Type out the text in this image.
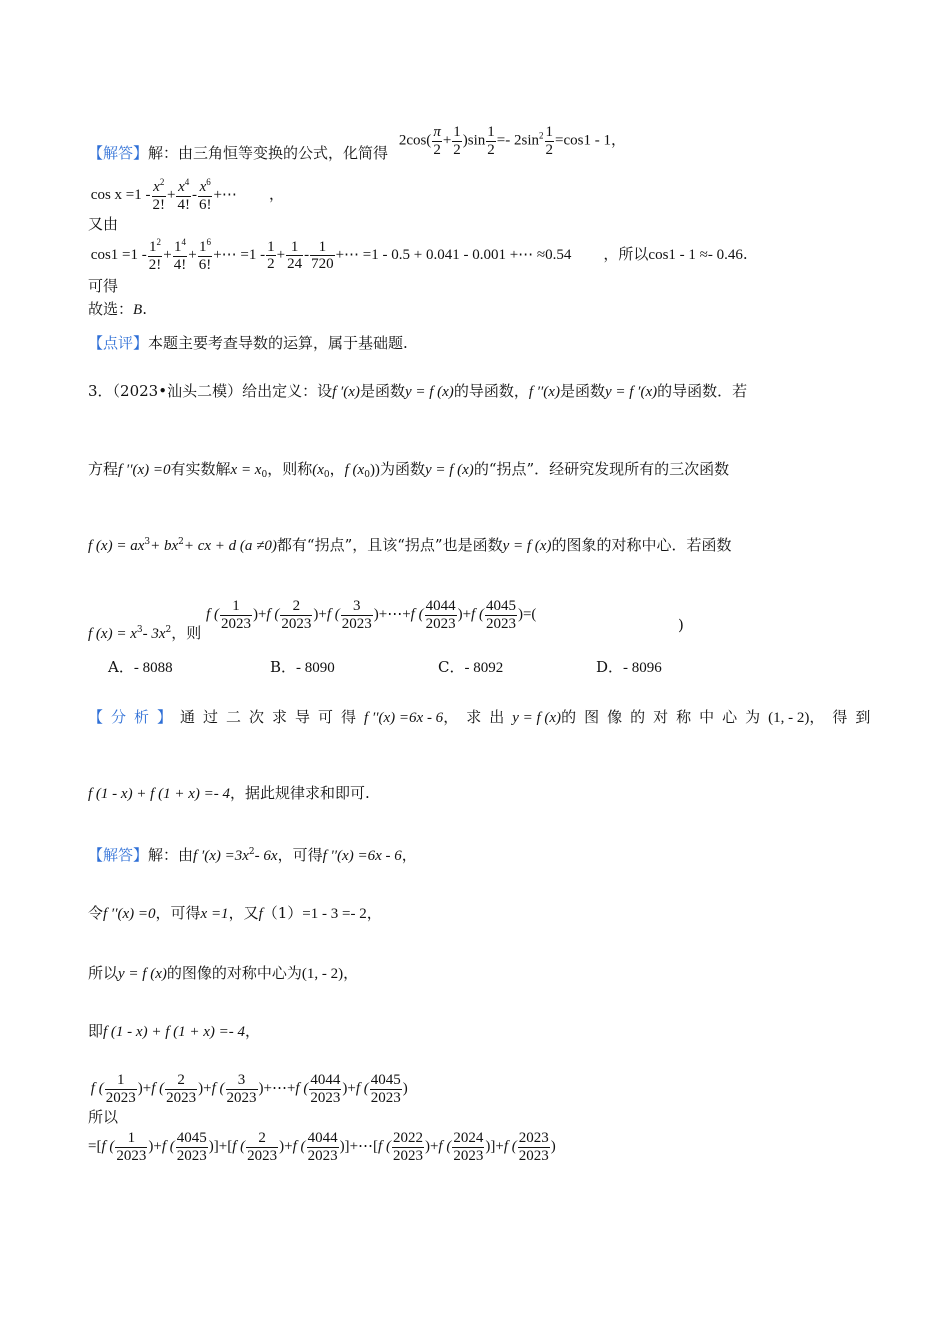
【解答】解：由三角恒等变换的公式，化简得 $2\cos( \frac{\pi}{2} + \frac{1}{2} )\sin \frac{1}{2} =- 2\sin^2 \frac{1}{2} =\cos 1 - 1$，
又由 $\cos x =1 - \frac{x^2}{2!} + \frac{x^4}{4!} - \frac{x^6}{6!}$ +⋯ ，
可得 $\cos 1 =1 - \frac{1^2}{2!} + \frac{1^4}{4!} + \frac{1^6}{6!}$ +⋯ $=1 - \frac{1}{2} + \frac{1}{24} - \frac{1}{720}$ +⋯ =1 - 0.5 + 0.041 - 0.001 +⋯ ≈0.54 ，所以cos1 - 1 ≈- 0.46.
故选：B.
【点评】本题主要考查导数的运算，属于基础题.
3．（2023•汕头二模）给出定义：设f ′(x)是函数y = f (x)的导函数，f ′′(x)是函数y = f ′(x)的导函数．若
方程f ′′(x) =0有实数解$x = x_0$，则称($x_0$，f $(x_0)$)为函数y = f (x)的“拐点”．经研究发现所有的三次函数
f $(x) = ax^3+ bx^2+$ cx + d (a ≠0)都有“拐点”，且该“拐点”也是函数y = f (x)的图象的对称中心．若函数
f $(x) = x^3-$ $3x^2$，则 f ( $\frac{1}{2023} )+f$ ( $\frac{2}{2023} )+f$ ( $\frac{3}{2023}$ )+⋯+f ( $\frac{4044}{2023} )+f$ ( $\frac{4045}{2023}$ )=(
)
A．- 8088	B．- 8090	C．- 8092	D．- 8096
【分析】通过二次求导可得f ′′(x) =6x - 6，求出y = f (x)的图像的对称中心为(1, - 2)，得到
f (1 - x) + f (1 + x) =- 4，据此规律求和即可.
【解答】解：由f $'(x) =3x^2-$ 6x，可得f ′′(x) =6x - 6，
令f ′′(x) =0，可得x =1，又f（1）=1 - 3 =- 2，
所以y = f (x)的图像的对称中心为(1, - 2)，
即f (1 - x) + f (1 + x) =- 4，
所以 f ( $\frac{1}{2023} )+f$ ( $\frac{2}{2023} )+f$ ( $\frac{3}{2023}$ )+⋯+f ( $\frac{4044}{2023} )+f$ ( $\frac{4045}{2023}$ )
=[f ( $\frac{1}{2023} )+f$ ( $\frac{4045}{2023} )]+[f$ ( $\frac{2}{2023} )+f$ ( $\frac{4044}{2023}$ )]+⋯[f ( $\frac{2022}{2023} )+f$ ( $\frac{2024}{2023} )]+f$ ( $\frac{2023}{2023}$ )
